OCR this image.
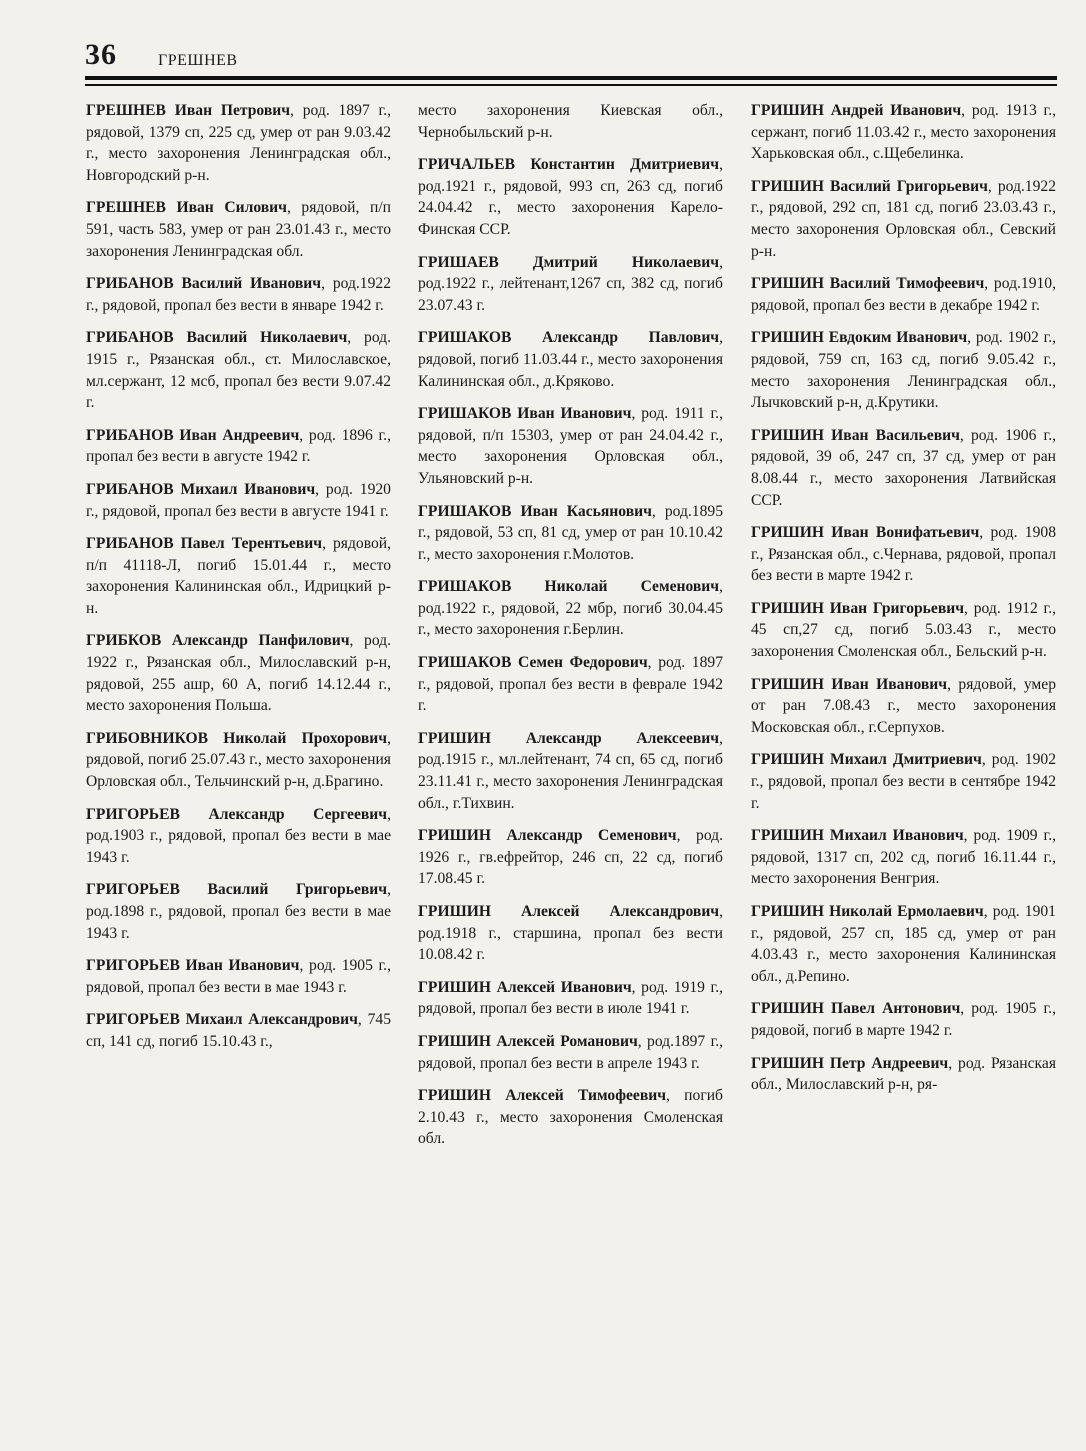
36	ГРЕШНЕВ

ГРЕШНЕВ Иван Петрович, род. 1897 г., рядовой, 1379 сп, 225 сд, умер от ран 9.03.42 г., место захоронения Ленинградская обл., Новгородский р-н.

ГРЕШНЕВ Иван Силович, рядовой, п/п 591, часть 583, умер от ран 23.01.43 г., место захоронения Ленинградская обл.

ГРИБАНОВ Василий Иванович, род.1922 г., рядовой, пропал без вести в январе 1942 г.

ГРИБАНОВ Василий Николаевич, род. 1915 г., Рязанская обл., ст. Милославское, мл.сержант, 12 мсб, пропал без вести 9.07.42 г.

ГРИБАНОВ Иван Андреевич, род. 1896 г., пропал без вести в августе 1942 г.

ГРИБАНОВ Михаил Иванович, род. 1920 г., рядовой, пропал без вести в августе 1941 г.

ГРИБАНОВ Павел Терентьевич, рядовой, п/п 41118-Л, погиб 15.01.44 г., место захоронения Калининская обл., Идрицкий р-н.

ГРИБКОВ Александр Панфилович, род. 1922 г., Рязанская обл., Милославский р-н, рядовой, 255 ашр, 60 А, погиб 14.12.44 г., место захоронения Польша.

ГРИБОВНИКОВ Николай Прохорович, рядовой, погиб 25.07.43 г., место захоронения Орловская обл., Тельчинский р-н, д.Брагино.

ГРИГОРЬЕВ Александр Сергеевич, род.1903 г., рядовой, пропал без вести в мае 1943 г.

ГРИГОРЬЕВ Василий Григорьевич, род.1898 г., рядовой, пропал без вести в мае 1943 г.

ГРИГОРЬЕВ Иван Иванович, род. 1905 г., рядовой, пропал без вести в мае 1943 г.

ГРИГОРЬЕВ Михаил Александрович, 745 сп, 141 сд, погиб 15.10.43 г.,

место захоронения Киевская обл., Чернобыльский р-н.

ГРИЧАЛЬЕВ Константин Дмитриевич, род.1921 г., рядовой, 993 сп, 263 сд, погиб 24.04.42 г., место захоронения Карело-Финская ССР.

ГРИШАЕВ Дмитрий Николаевич, род.1922 г., лейтенант,1267 сп, 382 сд, погиб 23.07.43 г.

ГРИШАКОВ Александр Павлович, рядовой, погиб 11.03.44 г., место захоронения Калининская обл., д.Кряково.

ГРИШАКОВ Иван Иванович, род. 1911 г., рядовой, п/п 15303, умер от ран 24.04.42 г., место захоронения Орловская обл., Ульяновский р-н.

ГРИШАКОВ Иван Касьянович, род.1895 г., рядовой, 53 сп, 81 сд, умер от ран 10.10.42 г., место захоронения г.Молотов.

ГРИШАКОВ Николай Семенович, род.1922 г., рядовой, 22 мбр, погиб 30.04.45 г., место захоронения г.Берлин.

ГРИШАКОВ Семен Федорович, род. 1897 г., рядовой, пропал без вести в феврале 1942 г.

ГРИШИН Александр Алексеевич, род.1915 г., мл.лейтенант, 74 сп, 65 сд, погиб 23.11.41 г., место захоронения Ленинградская обл., г.Тихвин.

ГРИШИН Александр Семенович, род. 1926 г., гв.ефрейтор, 246 сп, 22 сд, погиб 17.08.45 г.

ГРИШИН Алексей Александрович, род.1918 г., старшина, пропал без вести 10.08.42 г.

ГРИШИН Алексей Иванович, род. 1919 г., рядовой, пропал без вести в июле 1941 г.

ГРИШИН Алексей Романович, род.1897 г., рядовой, пропал без вести в апреле 1943 г.

ГРИШИН Алексей Тимофеевич, погиб 2.10.43 г., место захоронения Смоленская обл.

ГРИШИН Андрей Иванович, род. 1913 г., сержант, погиб 11.03.42 г., место захоронения Харьковская обл., с.Щебелинка.

ГРИШИН Василий Григорьевич, род.1922 г., рядовой, 292 сп, 181 сд, погиб 23.03.43 г., место захоронения Орловская обл., Севский р-н.

ГРИШИН Василий Тимофеевич, род.1910, рядовой, пропал без вести в декабре 1942 г.

ГРИШИН Евдоким Иванович, род. 1902 г., рядовой, 759 сп, 163 сд, погиб 9.05.42 г., место захоронения Ленинградская обл., Лычковский р-н, д.Крутики.

ГРИШИН Иван Васильевич, род. 1906 г., рядовой, 39 об, 247 сп, 37 сд, умер от ран 8.08.44 г., место захоронения Латвийская ССР.

ГРИШИН Иван Вонифатьевич, род. 1908 г., Рязанская обл., с.Чернава, рядовой, пропал без вести в марте 1942 г.

ГРИШИН Иван Григорьевич, род. 1912 г., 45 сп,27 сд, погиб 5.03.43 г., место захоронения Смоленская обл., Бельский р-н.

ГРИШИН Иван Иванович, рядовой, умер от ран 7.08.43 г., место захоронения Московская обл., г.Серпухов.

ГРИШИН Михаил Дмитриевич, род. 1902 г., рядовой, пропал без вести в сентябре 1942 г.

ГРИШИН Михаил Иванович, род. 1909 г., рядовой, 1317 сп, 202 сд, погиб 16.11.44 г., место захоронения Венгрия.

ГРИШИН Николай Ермолаевич, род. 1901 г., рядовой, 257 сп, 185 сд, умер от ран 4.03.43 г., место захоронения Калининская обл., д.Репино.

ГРИШИН Павел Антонович, род. 1905 г., рядовой, погиб в марте 1942 г.

ГРИШИН Петр Андреевич, род. Рязанская обл., Милославский р-н, ря-
